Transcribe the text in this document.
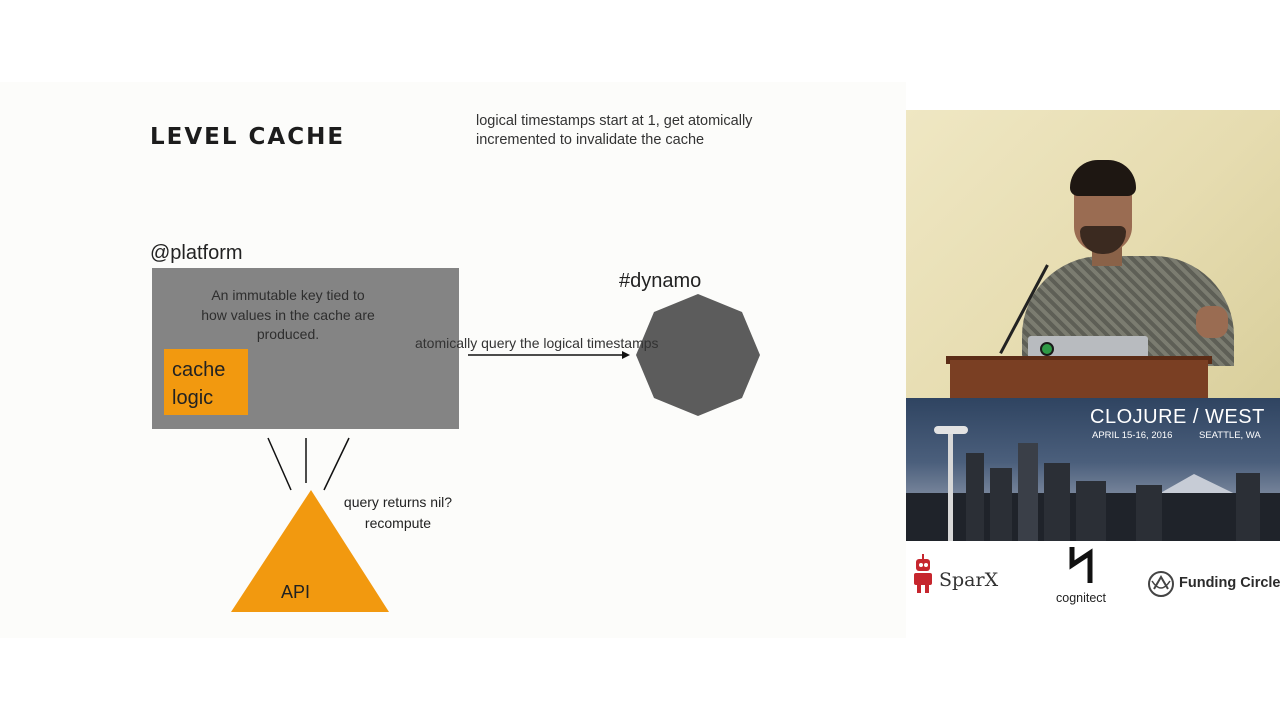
LEVEL CACHE
logical timestamps start at 1, get atomically incremented to invalidate the cache
@platform
An immutable key tied to how values in the cache are produced.
cache logic
atomically query the logical timestamps
#dynamo
query returns nil? recompute
API
CLOJURE / WEST
APRIL 15-16, 2016	SEATTLE, WA
SparX
cognitect
Funding Circle
